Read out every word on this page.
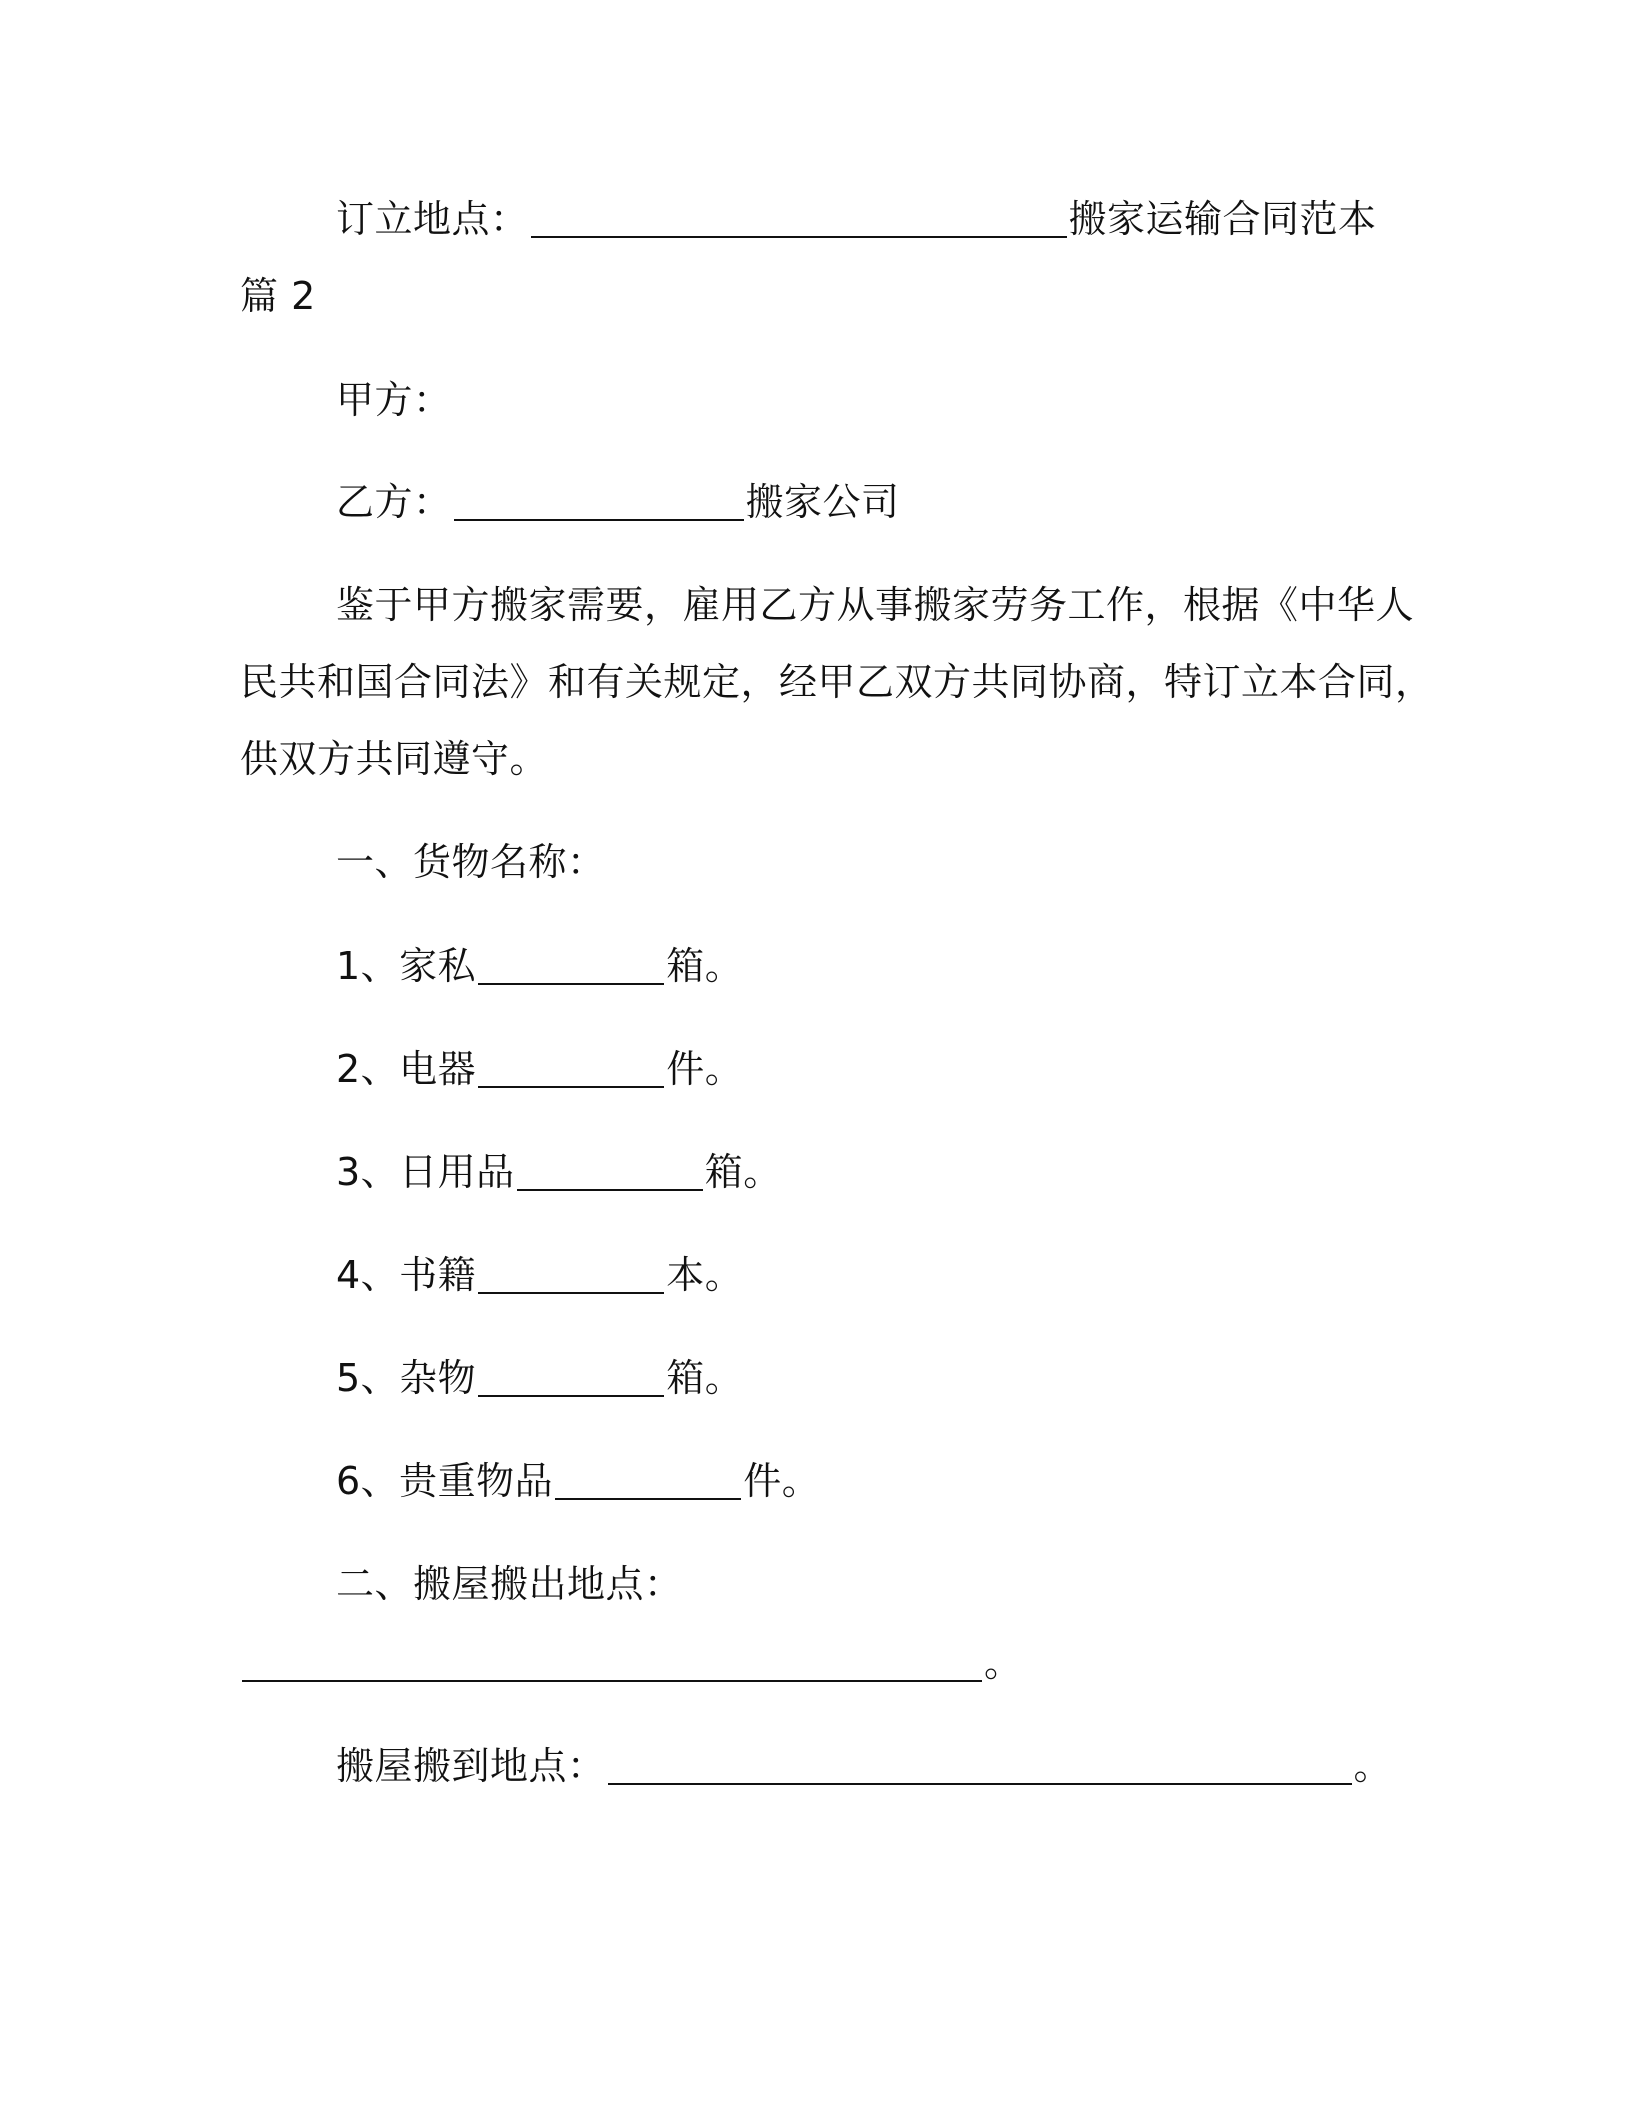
订立地点：	搬家运输合同范本
篇 2
甲方：
乙方：	搬家公司
鉴于甲方搬家需要，雇用乙方从事搬家劳务工作，根据《中华人
民共和国合同法》和有关规定，经甲乙双方共同协商，特订立本合同，
供双方共同遵守。
一、货物名称：
1、家私	箱。
2、电器	件。
3、日用品	箱。
4、书籍	本。
5、杂物	箱。
6、贵重物品	件。
二、搬屋搬出地点：
。
搬屋搬到地点：	。
